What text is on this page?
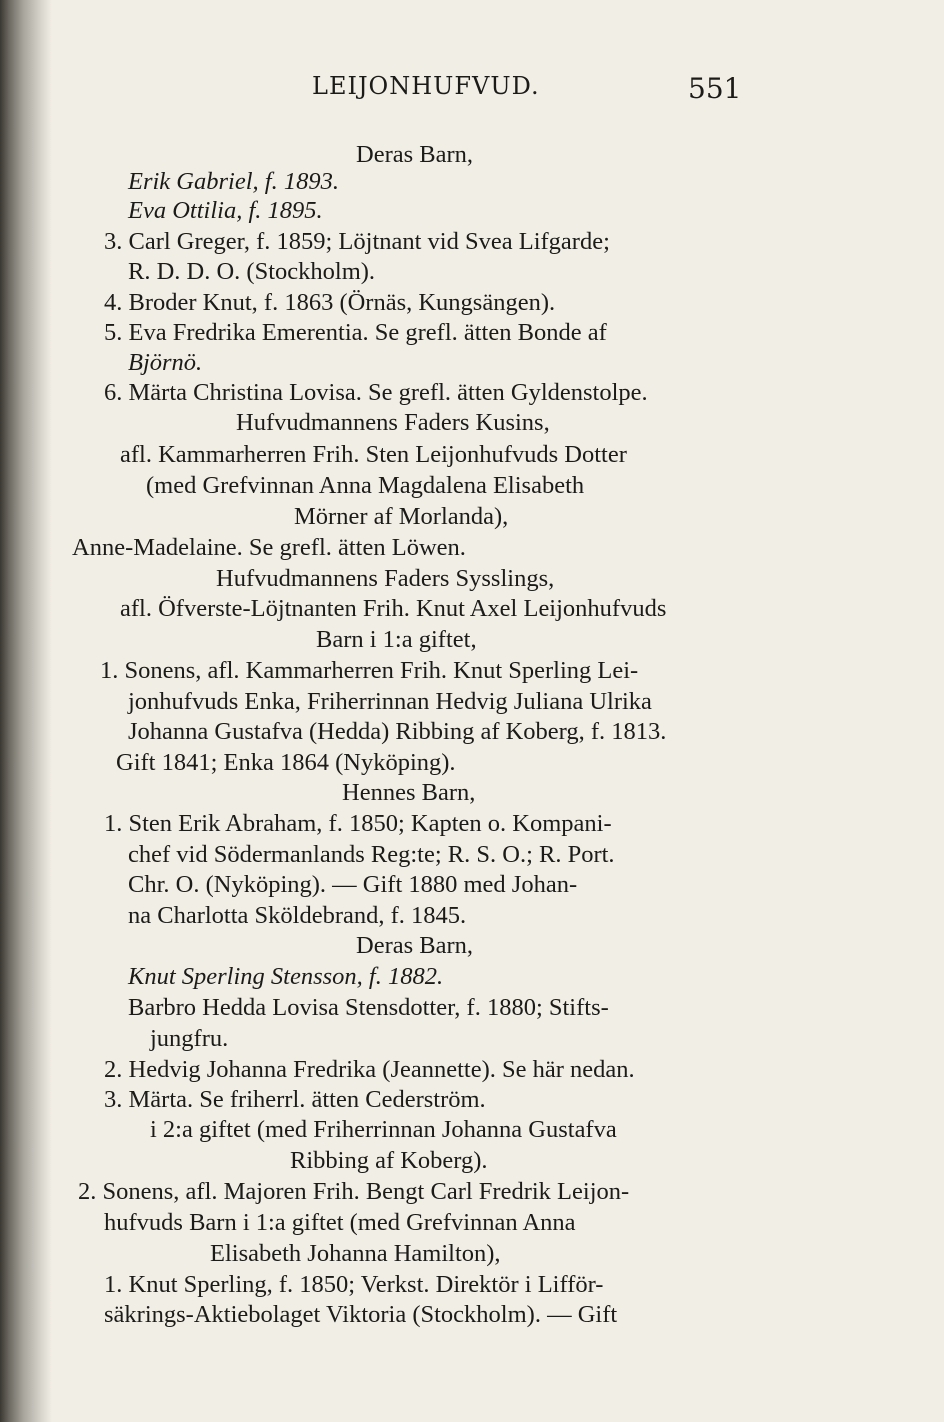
LEIJONHUFVUD.	551
Deras Barn,
Erik Gabriel, f. 1893.
Eva Ottilia, f. 1895.
3. Carl Greger, f. 1859; Löjtnant vid Svea Lifgarde;
R. D. D. O. (Stockholm).
4. Broder Knut, f. 1863 (Örnäs, Kungsängen).
5. Eva Fredrika Emerentia. Se grefl. ätten Bonde af
Björnö.
6. Märta Christina Lovisa. Se grefl. ätten Gyldenstolpe.
Hufvudmannens Faders Kusins,
afl. Kammarherren Frih. Sten Leijonhufvuds Dotter
(med Grefvinnan Anna Magdalena Elisabeth
Mörner af Morlanda),
Anne-Madelaine. Se grefl. ätten Löwen.
Hufvudmannens Faders Sysslings,
afl. Öfverste-Löjtnanten Frih. Knut Axel Leijonhufvuds
Barn i 1:a giftet,
1. Sonens, afl. Kammarherren Frih. Knut Sperling Lei-
jonhufvuds Enka, Friherrinnan Hedvig Juliana Ulrika
Johanna Gustafva (Hedda) Ribbing af Koberg, f. 1813.
Gift 1841; Enka 1864 (Nyköping).
Hennes Barn,
1. Sten Erik Abraham, f. 1850; Kapten o. Kompani-
chef vid Södermanlands Reg:te; R. S. O.; R. Port.
Chr. O. (Nyköping). — Gift 1880 med Johan-
na Charlotta Sköldebrand, f. 1845.
Deras Barn,
Knut Sperling Stensson, f. 1882.
Barbro Hedda Lovisa Stensdotter, f. 1880; Stifts-
jungfru.
2. Hedvig Johanna Fredrika (Jeannette). Se här nedan.
3. Märta. Se friherrl. ätten Cederström.
i 2:a giftet (med Friherrinnan Johanna Gustafva
Ribbing af Koberg).
2. Sonens, afl. Majoren Frih. Bengt Carl Fredrik Leijon-
hufvuds Barn i 1:a giftet (med Grefvinnan Anna
Elisabeth Johanna Hamilton),
1. Knut Sperling, f. 1850; Verkst. Direktör i Lifför-
säkrings-Aktiebolaget Viktoria (Stockholm). — Gift
